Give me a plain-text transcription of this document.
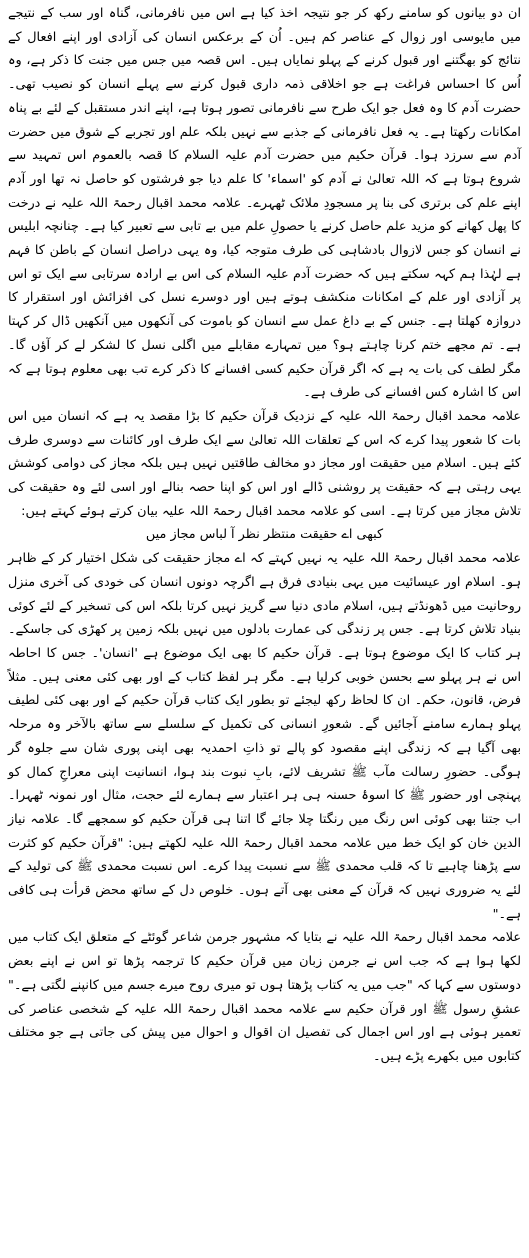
ان دو بیانوں کو سامنے رکھ کر جو نتیجہ اخذ کیا ہے اس میں نافرمانی، گناہ اور سب کے نتیجے میں مایوسی اور زوال کے عناصر کم ہیں۔ اُن کے برعکس انسان کی آزادی اور اپنے افعال کے نتائج کو بھگتنے اور قبول کرنے کے پہلو نمایاں ہیں۔ اس قصہ میں جس میں جنت کا ذکر ہے، وہ اُس کا احساس فراغت ہے جو اخلاقی ذمہ داری قبول کرنے سے پہلے انسان کو نصیب تھی۔ حضرت آدم کا وہ فعل جو ایک طرح سے نافرمانی تصور ہوتا ہے، اپنے اندر مستقبل کے لئے بے پناہ امکانات رکھتا ہے۔ یہ فعل نافرمانی کے جذبے سے نہیں بلکہ علم اور تجربے کے شوق میں حضرت آدم سے سرزد ہوا۔ قرآن حکیم میں حضرت آدم علیہ السلام کا قصہ بالعموم اس تمہید سے شروع ہوتا ہے کہ اللہ تعالیٰ نے آدم کو 'اسماء' کا علم دیا جو فرشتوں کو حاصل نہ تھا اور آدم اپنے علم کی برتری کی بنا پر مسجودِ ملائک ٹھہرے۔ علامہ محمد اقبال رحمۃ اللہ علیہ نے درخت کا پھل کھانے کو مزید علم حاصل کرنے یا حصولِ علم میں بے تابی سے تعبیر کیا ہے۔ چنانچہ ابلیس نے انسان کو جس لازوال بادشاہی کی طرف متوجہ کیا، وہ یہی دراصل انسان کے باطن کا فہم ہے لہٰذا ہم کہہ سکتے ہیں کہ حضرت آدم علیہ السلام کی اس بے ارادہ سرتابی سے ایک تو اس پر آزادی اور علم کے امکانات منکشف ہوتے ہیں اور دوسرے نسل کی افزائش اور استقرار کا دروازہ کھلتا ہے۔ جنس کے بے داغ عمل سے انسان کو باموت کی آنکھوں میں آنکھیں ڈال کر کہتا ہے۔ تم مجھے ختم کرنا چاہتے ہو؟ میں تمہارے مقابلے میں اگلی نسل کا لشکر لے کر آؤں گا۔ مگر لطف کی بات یہ ہے کہ اگر قرآن حکیم کسی افسانے کا ذکر کرے تب بھی معلوم ہوتا ہے کہ اس کا اشارہ کس افسانے کی طرف ہے۔

علامہ محمد اقبال رحمۃ اللہ علیہ کے نزدیک قرآن حکیم کا بڑا مقصد یہ ہے کہ انسان میں اس بات کا شعور پیدا کرے کہ اس کے تعلقات اللہ تعالیٰ سے ایک طرف اور کائنات سے دوسری طرف کئے ہیں۔ اسلام میں حقیقت اور مجاز دو مخالف طاقتیں نہیں ہیں بلکہ مجاز کی دوامی کوشش یہی رہتی ہے کہ حقیقت پر روشنی ڈالے اور اس کو اپنا حصہ بنالے اور اسی لئے وہ حقیقت کی تلاش مجاز میں کرتا ہے۔ اسی کو علامہ محمد اقبال رحمۃ اللہ علیہ بیان کرتے ہوئے کہتے ہیں:

کبھی اے حقیقت منتظر نظر آ لباس مجاز میں

علامہ محمد اقبال رحمۃ اللہ علیہ یہ نہیں کہتے کہ اے مجاز حقیقت کی شکل اختیار کر کے ظاہر ہو۔ اسلام اور عیسائیت میں یہی بنیادی فرق ہے اگرچہ دونوں انسان کی خودی کی آخری منزل روحانیت میں ڈھونڈتے ہیں، اسلام مادی دنیا سے گریز نہیں کرتا بلکہ اس کی تسخیر کے لئے کوئی بنیاد تلاش کرتا ہے۔ جس پر زندگی کی عمارت بادلوں میں نہیں بلکہ زمین پر کھڑی کی جاسکے۔ ہر کتاب کا ایک موضوع ہوتا ہے۔ قرآن حکیم کا بھی ایک موضوع ہے 'انسان'۔ جس کا احاطہ اس نے ہر پہلو سے بحسن خوبی کرلیا ہے۔ مگر ہر لفظ کتاب کے اور بھی کئی معنی ہیں۔ مثلاً فرض، قانون، حکم۔ ان کا لحاظ رکھ لیجئے تو بطور ایک کتاب قرآن حکیم کے اور بھی کئی لطیف پہلو ہمارے سامنے آجائیں گے۔ شعورِ انسانی کی تکمیل کے سلسلے سے ساتھ بالآخر وہ مرحلہ بھی آگیا ہے کہ زندگی اپنے مقصود کو پالے تو ذاتِ احمدیہ بھی اپنی پوری شان سے جلوہ گر ہوگی۔ حضورِ رسالت مآب ﷺ تشریف لائے، بابِ نبوت بند ہوا، انسانیت اپنی معراجِ کمال کو پہنچی اور حضور ﷺ کا اسوۂ حسنہ ہی ہر اعتبار سے ہمارے لئے حجت، مثال اور نمونہ ٹھہرا۔ اب جتنا بھی کوئی اس رنگ میں رنگتا چلا جائے گا اتنا ہی قرآن حکیم کو سمجھے گا۔ علامہ نیاز الدین خان کو ایک خط میں علامہ محمد اقبال رحمۃ اللہ علیہ لکھتے ہیں: "قرآن حکیم کو کثرت سے پڑھنا چاہیے تا کہ قلب محمدی ﷺ سے نسبت پیدا کرے۔ اس نسبت محمدی ﷺ کی تولید کے لئے یہ ضروری نہیں کہ قرآن کے معنی بھی آتے ہوں۔ خلوص دل کے ساتھ محض قرأت ہی کافی ہے۔"

علامہ محمد اقبال رحمۃ اللہ علیہ نے بتایا کہ مشہور جرمن شاعر گوئٹے کے متعلق ایک کتاب میں لکھا ہوا ہے کہ جب اس نے جرمن زبان میں قرآن حکیم کا ترجمہ پڑھا تو اس نے اپنے بعض دوستوں سے کہا کہ "جب میں یہ کتاب پڑھتا ہوں تو میری روح میرے جسم میں کانپنے لگتی ہے۔" عشقِ رسول ﷺ اور قرآن حکیم سے علامہ محمد اقبال رحمۃ اللہ علیہ کے شخصی عناصر کی تعمیر ہوئی ہے اور اس اجمال کی تفصیل ان اقوال و احوال میں پیش کی جاتی ہے جو مختلف کتابوں میں بکھرے پڑے ہیں۔
